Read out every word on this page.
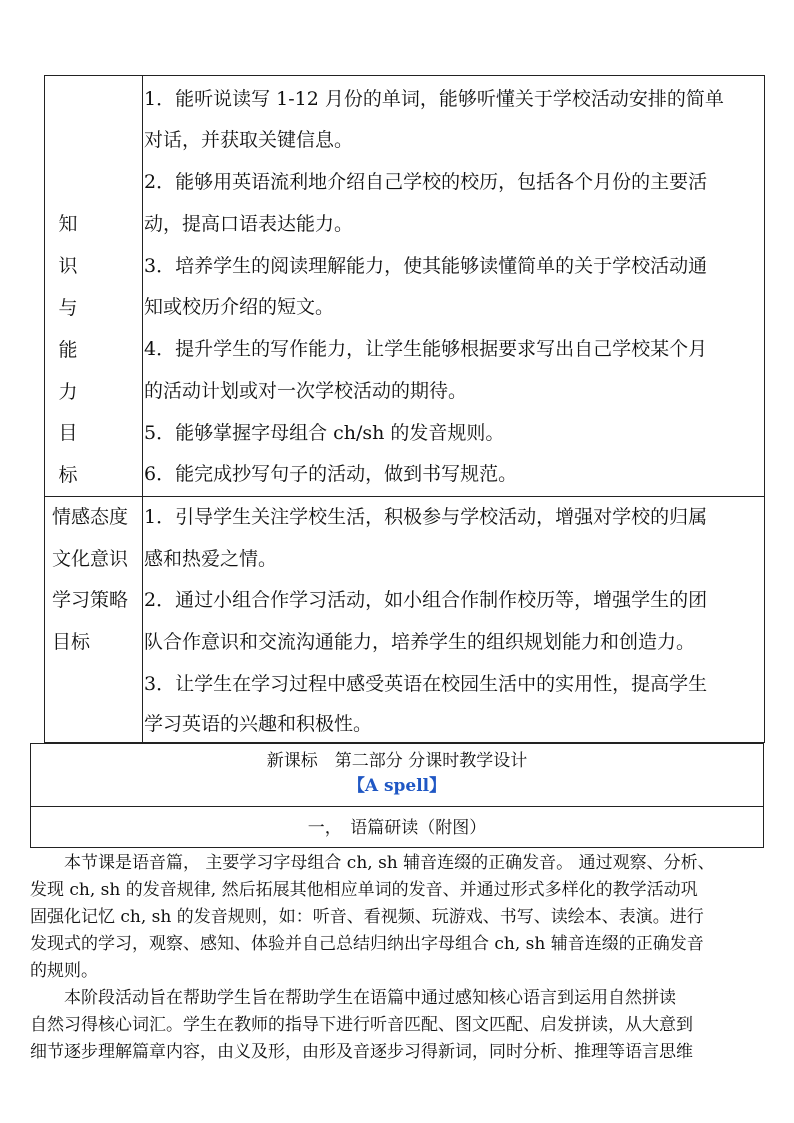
知
识
与
能
力
目
标
1．能听说读写 1-12 月份的单词，能够听懂关于学校活动安排的简单
对话，并获取关键信息。
2．能够用英语流利地介绍自己学校的校历，包括各个月份的主要活
动，提高口语表达能力。
3．培养学生的阅读理解能力，使其能够读懂简单的关于学校活动通
知或校历介绍的短文。
4．提升学生的写作能力，让学生能够根据要求写出自己学校某个月
的活动计划或对一次学校活动的期待。
5．能够掌握字母组合 ch/sh 的发音规则。
6．能完成抄写句子的活动，做到书写规范。
1．引导学生关注学校生活，积极参与学校活动，增强对学校的归属
感和热爱之情。
2．通过小组合作学习活动，如小组合作制作校历等，增强学生的团
队合作意识和交流沟通能力，培养学生的组织规划能力和创造力。
3．让学生在学习过程中感受英语在校园生活中的实用性，提高学生
学习英语的兴趣和积极性。
情感态度
文化意识
学习策略
目标
新课标　第二部分 分课时教学设计
【A spell】
一，　语篇研读（附图）
　　本节课是语音篇， 主要学习字母组合 ch, sh 辅音连缀的正确发音。 通过观察、分析、
发现 ch, sh 的发音规律, 然后拓展其他相应单词的发音、并通过形式多样化的教学活动巩
固强化记忆 ch, sh 的发音规则，如：听音、看视频、玩游戏、书写、读绘本、表演。进行
发现式的学习，观察、感知、体验并自己总结归纳出字母组合 ch, sh 辅音连缀的正确发音
的规则。
　　本阶段活动旨在帮助学生旨在帮助学生在语篇中通过感知核心语言到运用自然拼读
自然习得核心词汇。学生在教师的指导下进行听音匹配、图文匹配、启发拼读，从大意到
细节逐步理解篇章内容，由义及形，由形及音逐步习得新词，同时分析、推理等语言思维
